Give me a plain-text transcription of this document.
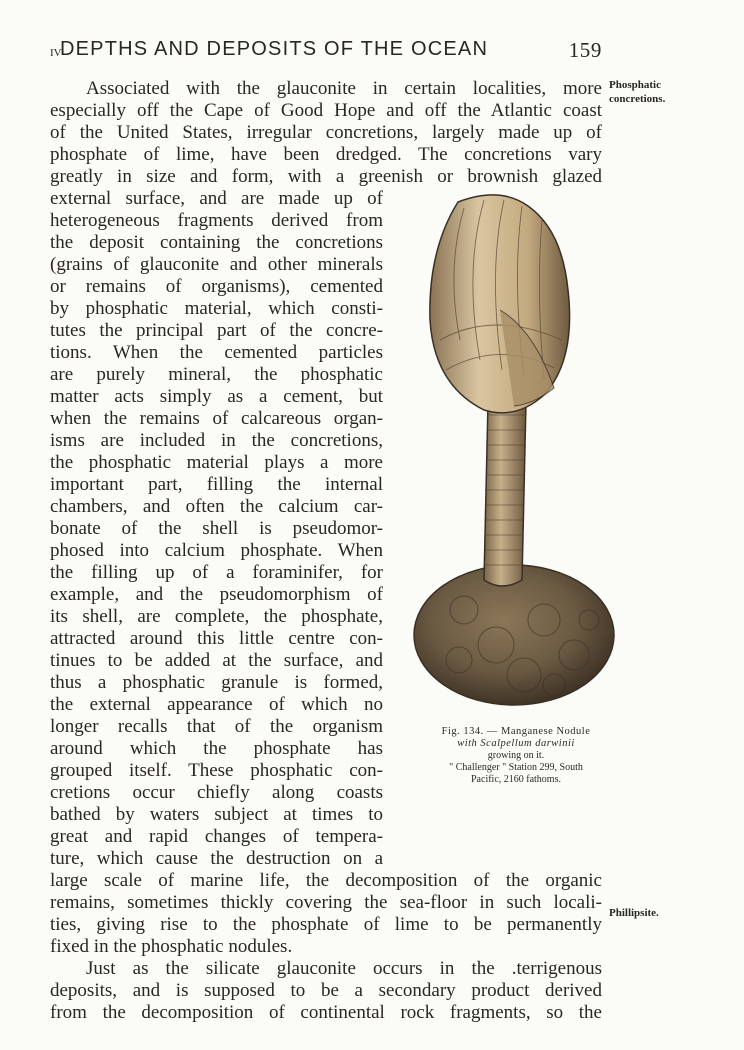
IV
DEPTHS AND DEPOSITS OF THE OCEAN	159
Phosphatic
concretions.
Phillipsite.
Associated with the glauconite in certain localities, more
especially off the Cape of Good Hope and off the Atlantic coast
of the United States, irregular concretions, largely made up of
phosphate of lime, have been dredged. The concretions vary
greatly in size and form, with a greenish or brownish glazed
external surface, and are made up of
heterogeneous fragments derived from
the deposit containing the concretions
(grains of glauconite and other minerals
or remains of organisms), cemented
by phosphatic material, which consti-
tutes the principal part of the concre-
tions. When the cemented particles
are purely mineral, the phosphatic
matter acts simply as a cement, but
when the remains of calcareous organ-
isms are included in the concretions,
the phosphatic material plays a more
important part, filling the internal
chambers, and often the calcium car-
bonate of the shell is pseudomor-
phosed into calcium phosphate. When
the filling up of a foraminifer, for
example, and the pseudomorphism of
its shell, are complete, the phosphate,
attracted around this little centre con-
tinues to be added at the surface, and
thus a phosphatic granule is formed,
the external appearance of which no
longer recalls that of the organism
around which the phosphate has
grouped itself. These phosphatic con-
cretions occur chiefly along coasts
bathed by waters subject at times to
great and rapid changes of tempera-
ture, which cause the destruction on a
large scale of marine life, the decomposition of the organic
remains, sometimes thickly covering the sea-floor in such locali-
ties, giving rise to the phosphate of lime to be permanently
fixed in the phosphatic nodules.
Just as the silicate glauconite occurs in the .terrigenous
deposits, and is supposed to be a secondary product derived
from the decomposition of continental rock fragments, so the
Fig. 134. — Manganese Nodule
with Scalpellum darwinii
growing on it.
" Challenger " Station 299, South
Pacific, 2160 fathoms.
